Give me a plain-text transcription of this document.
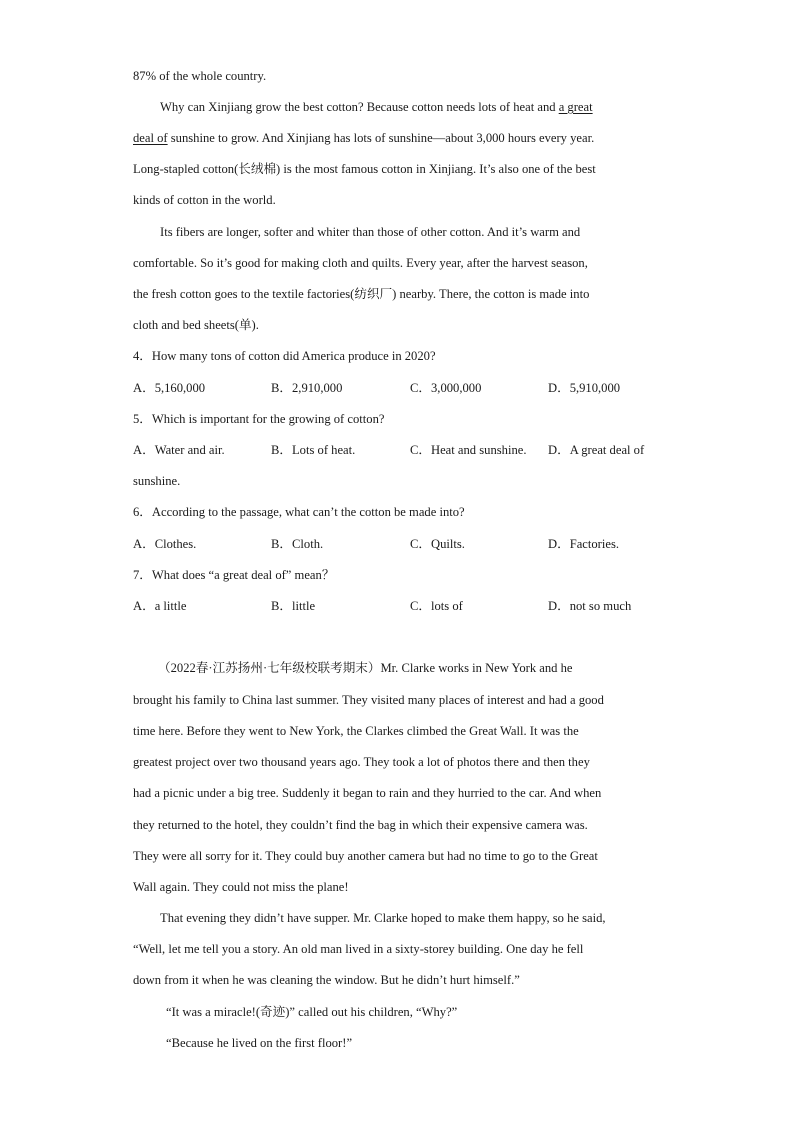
87% of the whole country.
Why can Xinjiang grow the best cotton? Because cotton needs lots of heat and a great
deal of sunshine to grow. And Xinjiang has lots of sunshine—about 3,000 hours every year.
Long-stapled cotton(长绒棉) is the most famous cotton in Xinjiang. It’s also one of the best
kinds of cotton in the world.
Its fibers are longer, softer and whiter than those of other cotton. And it’s warm and
comfortable. So it’s good for making cloth and quilts. Every year, after the harvest season,
the fresh cotton goes to the textile factories(纺织厂) nearby. There, the cotton is made into
cloth and bed sheets(单).
4．How many tons of cotton did America produce in 2020?
A．5,160,000	B．2,910,000	C．3,000,000	D．5,910,000
5．Which is important for the growing of cotton?
A．Water and air.	B．Lots of heat.	C．Heat and sunshine. D．A great deal of
sunshine.
6．According to the passage, what can’t the cotton be made into?
A．Clothes.	B．Cloth.	C．Quilts.	D．Factories.
7．What does “a great deal of” mean？
A．a little	B．little	C．lots of	D．not so much
（2022春·江苏扬州·七年级校联考期末）Mr. Clarke works in New York and he
brought his family to China last summer. They visited many places of interest and had a good
time here. Before they went to New York, the Clarkes climbed the Great Wall. It was the
greatest project over two thousand years ago. They took a lot of photos there and then they
had a picnic under a big tree. Suddenly it began to rain and they hurried to the car. And when
they returned to the hotel, they couldn’t find the bag in which their expensive camera was.
They were all sorry for it. They could buy another camera but had no time to go to the Great
Wall again. They could not miss the plane!
That evening they didn’t have supper. Mr. Clarke hoped to make them happy, so he said,
“Well, let me tell you a story. An old man lived in a sixty-storey building. One day he fell
down from it when he was cleaning the window. But he didn’t hurt himself.”
“It was a miracle!(奇迹)” called out his children, “Why?”
“Because he lived on the first floor!”
